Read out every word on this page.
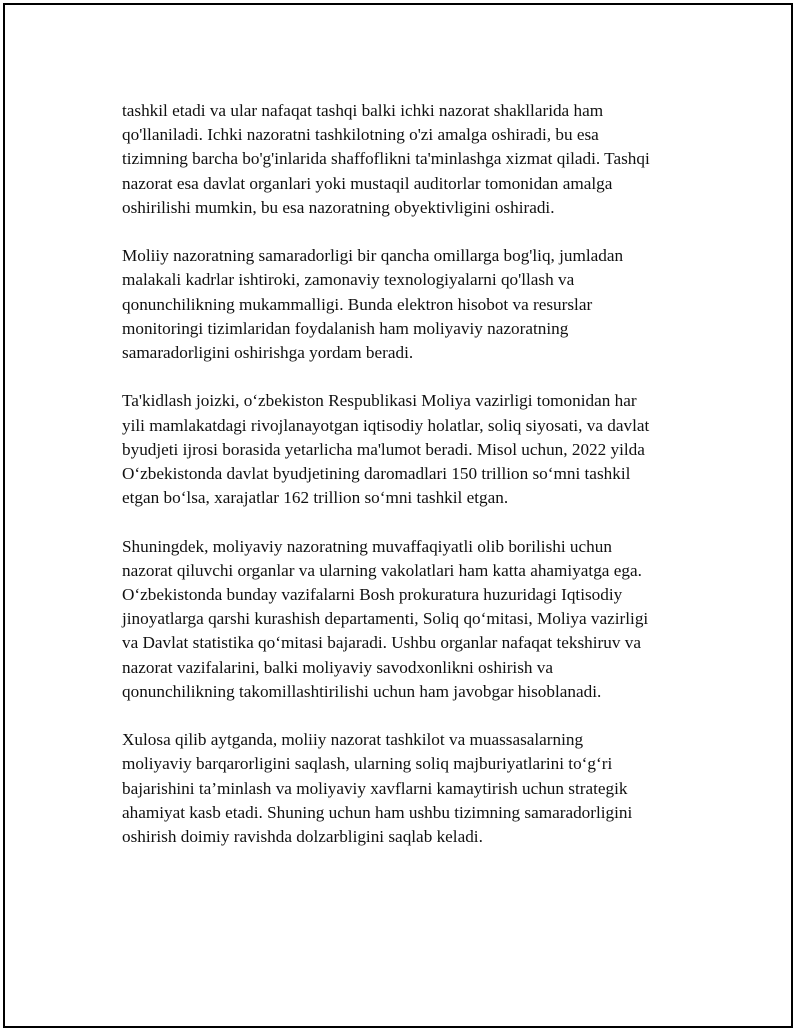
tashkil etadi va ular nafaqat tashqi balki ichki nazorat shakllarida ham
qo'llaniladi. Ichki nazoratni tashkilotning o'zi amalga oshiradi, bu esa
tizimning barcha bo'g'inlarida shaffoflikni ta'minlashga xizmat qiladi. Tashqi
nazorat esa davlat organlari yoki mustaqil auditorlar tomonidan amalga
oshirilishi mumkin, bu esa nazoratning obyektivligini oshiradi.

Moliiy nazoratning samaradorligi bir qancha omillarga bog'liq, jumladan
malakali kadrlar ishtiroki, zamonaviy texnologiyalarni qo'llash va
qonunchilikning mukammalligi. Bunda elektron hisobot va resurslar
monitoringi tizimlaridan foydalanish ham moliyaviy nazoratning
samaradorligini oshirishga yordam beradi.

Ta'kidlash joizki, o‘zbekiston Respublikasi Moliya vazirligi tomonidan har
yili mamlakatdagi rivojlanayotgan iqtisodiy holatlar, soliq siyosati, va davlat
byudjeti ijrosi borasida yetarlicha ma'lumot beradi. Misol uchun, 2022 yilda
O‘zbekistonda davlat byudjetining daromadlari 150 trillion so‘mni tashkil
etgan bo‘lsa, xarajatlar 162 trillion so‘mni tashkil etgan.

Shuningdek, moliyaviy nazoratning muvaffaqiyatli olib borilishi uchun
nazorat qiluvchi organlar va ularning vakolatlari ham katta ahamiyatga ega.
O‘zbekistonda bunday vazifalarni Bosh prokuratura huzuridagi Iqtisodiy
jinoyatlarga qarshi kurashish departamenti, Soliq qo‘mitasi, Moliya vazirligi
va Davlat statistika qo‘mitasi bajaradi. Ushbu organlar nafaqat tekshiruv va
nazorat vazifalarini, balki moliyaviy savodxonlikni oshirish va
qonunchilikning takomillashtirilishi uchun ham javobgar hisoblanadi.

Xulosa qilib aytganda, moliiy nazorat tashkilot va muassasalarning
moliyaviy barqarorligini saqlash, ularning soliq majburiyatlarini to‘g‘ri
bajarishini ta’minlash va moliyaviy xavflarni kamaytirish uchun strategik
ahamiyat kasb etadi. Shuning uchun ham ushbu tizimning samaradorligini
oshirish doimiy ravishda dolzarbligini saqlab keladi.
